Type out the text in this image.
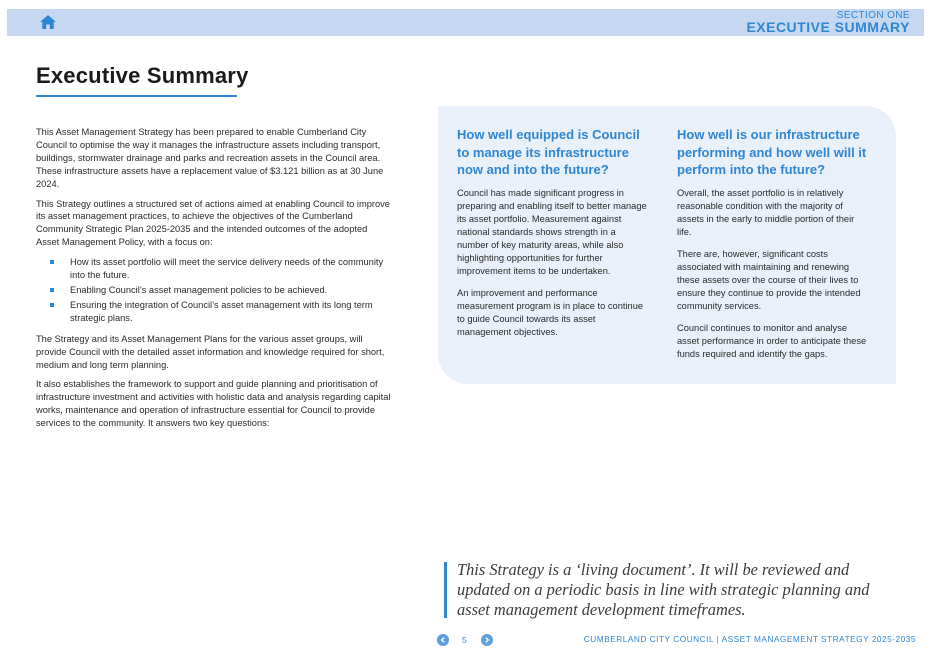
SECTION ONE
EXECUTIVE SUMMARY
Executive Summary

This Asset Management Strategy has been prepared to enable Cumberland City Council to optimise the way it manages the infrastructure assets including transport, buildings, stormwater drainage and parks and recreation assets in the Council area. These infrastructure assets have a replacement value of $3.121 billion as at 30 June 2024.

This Strategy outlines a structured set of actions aimed at enabling Council to improve its asset management practices, to achieve the objectives of the Cumberland Community Strategic Plan 2025-2035 and the intended outcomes of the adopted Asset Management Policy, with a focus on:

How its asset portfolio will meet the service delivery needs of the community into the future.
Enabling Council’s asset management policies to be achieved.
Ensuring the integration of Council’s asset management with its long term strategic plans.

The Strategy and its Asset Management Plans for the various asset groups, will provide Council with the detailed asset information and knowledge required for short, medium and long term planning.

It also establishes the framework to support and guide planning and prioritisation of infrastructure investment and activities with holistic data and analysis regarding capital works, maintenance and operation of infrastructure essential for Council to provide services to the community. It answers two key questions:

How well equipped is Council to manage its infrastructure now and into the future?

Council has made significant progress in preparing and enabling itself to better manage its asset portfolio. Measurement against national standards shows strength in a number of key maturity areas, while also highlighting opportunities for further improvement items to be undertaken.

An improvement and performance measurement program is in place to continue to guide Council towards its asset management objectives.

How well is our infrastructure performing and how well will it perform into the future?

Overall, the asset portfolio is in relatively reasonable condition with the majority of assets in the early to middle portion of their life.

There are, however, significant costs associated with maintaining and renewing these assets over the course of their lives to ensure they continue to provide the intended community services.

Council continues to monitor and analyse asset performance in order to anticipate these funds required and identify the gaps.

This Strategy is a ‘living document’. It will be reviewed and updated on a periodic basis in line with strategic planning and asset management development timeframes.

5	CUMBERLAND CITY COUNCIL | ASSET MANAGEMENT STRATEGY 2025-2035
